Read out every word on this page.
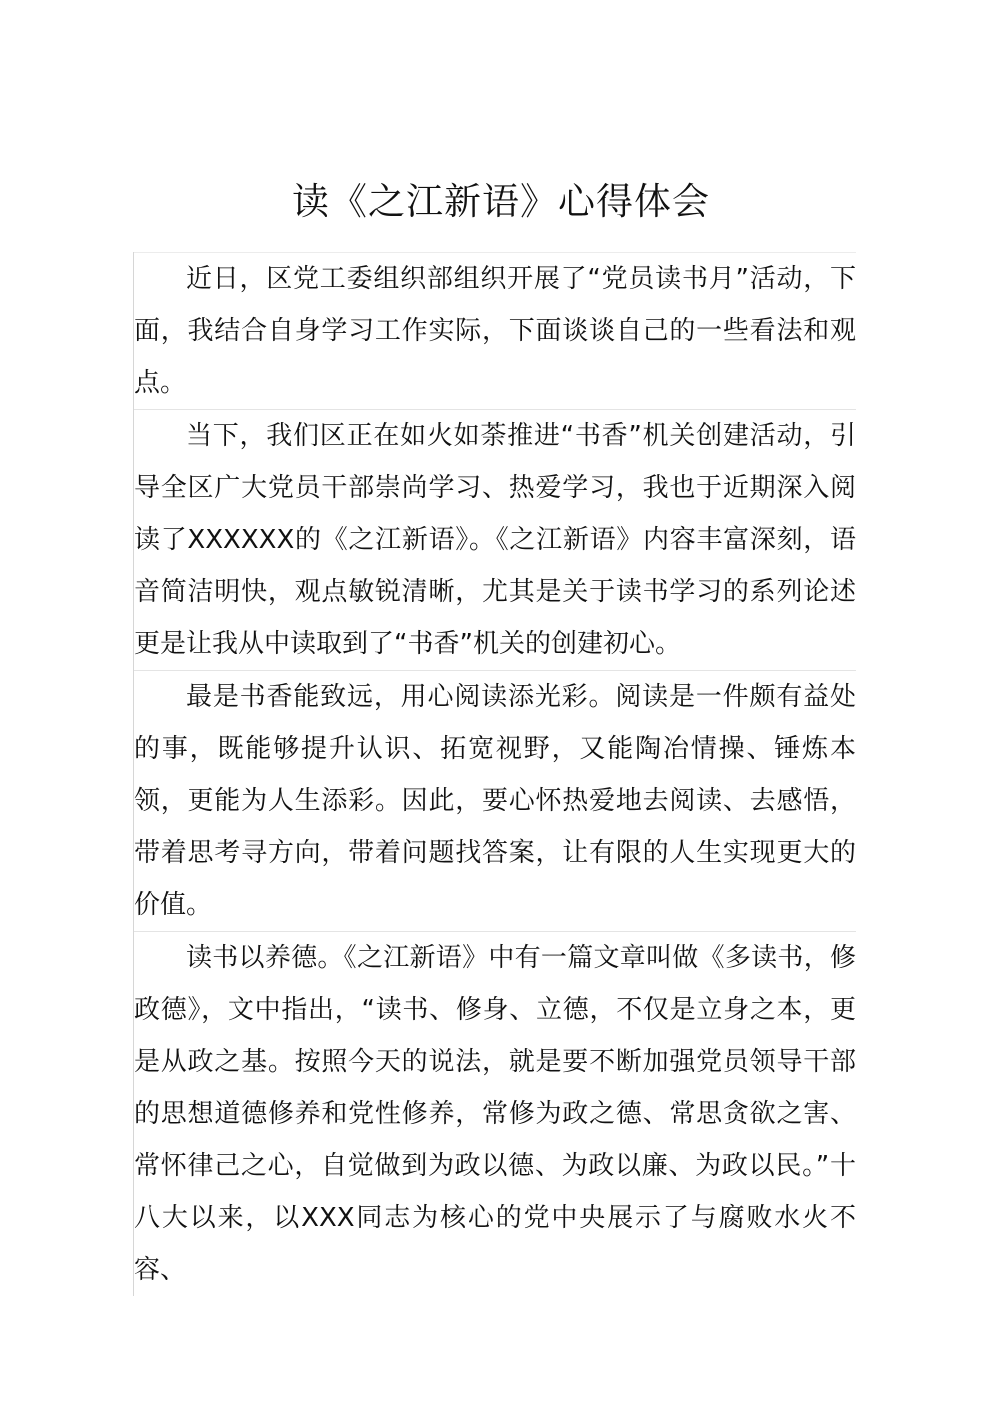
读《之江新语》心得体会

近日，区党工委组织部组织开展了“党员读书月”活动，下面，我结合自身学习工作实际，下面谈谈自己的一些看法和观点。

当下，我们区正在如火如荼推进“书香”机关创建活动，引导全区广大党员干部崇尚学习、热爱学习，我也于近期深入阅读了XXXXXX的《之江新语》。《之江新语》内容丰富深刻，语音简洁明快，观点敏锐清晰，尤其是关于读书学习的系列论述更是让我从中读取到了“书香”机关的创建初心。

最是书香能致远，用心阅读添光彩。阅读是一件颇有益处的事，既能够提升认识、拓宽视野，又能陶冶情操、锤炼本领，更能为人生添彩。因此，要心怀热爱地去阅读、去感悟，带着思考寻方向，带着问题找答案，让有限的人生实现更大的价值。

读书以养德。《之江新语》中有一篇文章叫做《多读书，修政德》，文中指出，“读书、修身、立德，不仅是立身之本，更是从政之基。按照今天的说法，就是要不断加强党员领导干部的思想道德修养和党性修养，常修为政之德、常思贪欲之害、常怀律己之心，自觉做到为政以德、为政以廉、为政以民。”十八大以来，以XXX同志为核心的党中央展示了与腐败水火不容、
